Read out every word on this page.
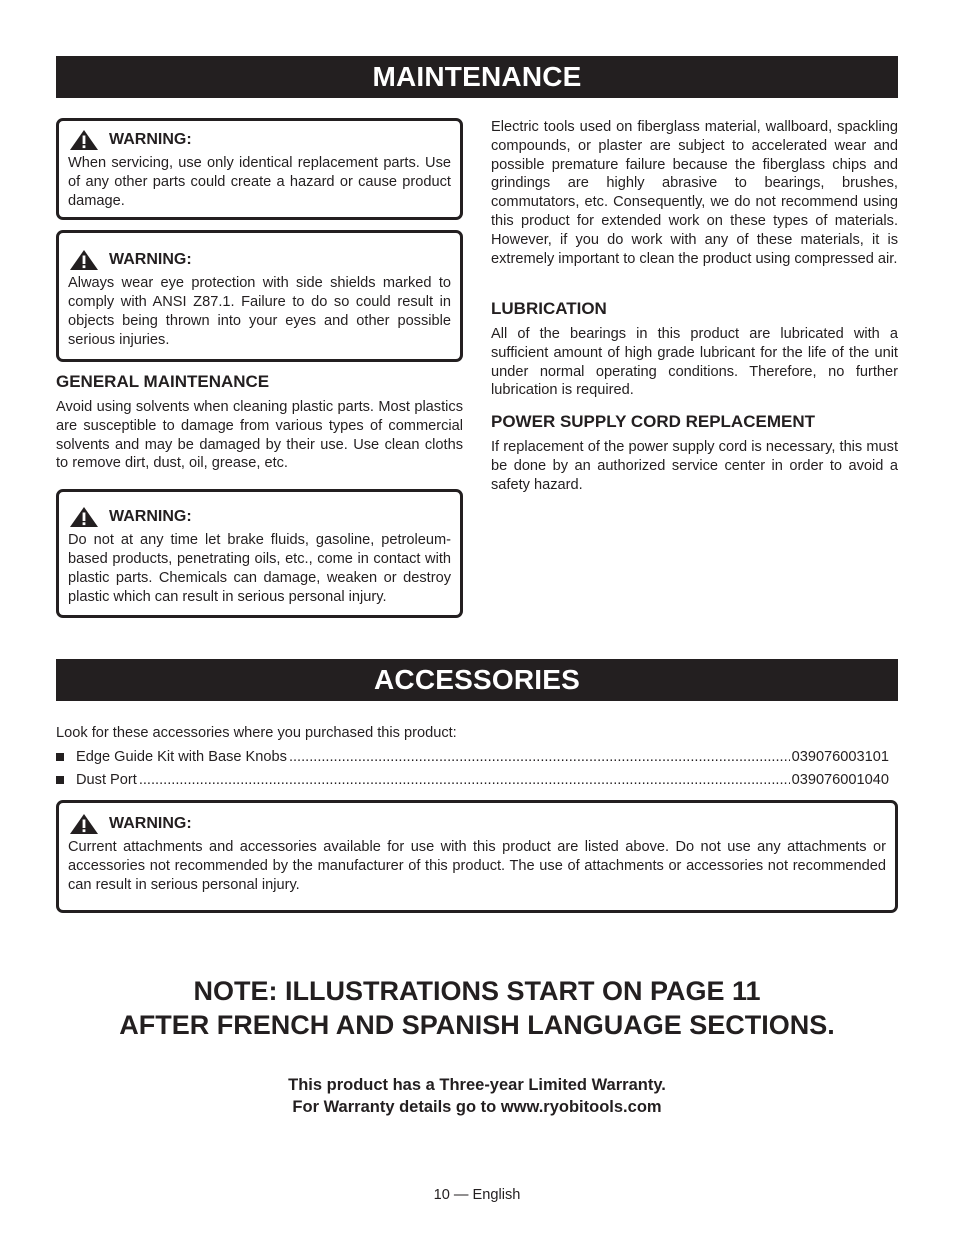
MAINTENANCE
WARNING:
When servicing, use only identical replacement parts. Use of any other parts could create a hazard or cause product damage.
WARNING:
Always wear eye protection with side shields marked to comply with ANSI Z87.1. Failure to do so could result in objects being thrown into your eyes and other possible serious injuries.
GENERAL MAINTENANCE
Avoid using solvents when cleaning plastic parts. Most plastics are susceptible to damage from various types of commercial solvents and may be damaged by their use. Use clean cloths to remove dirt, dust, oil, grease, etc.
WARNING:
Do not at any time let brake fluids, gasoline, petroleum-based products, penetrating oils, etc., come in contact with plastic parts. Chemicals can damage, weaken or destroy plastic which can result in serious personal injury.
Electric tools used on fiberglass material, wallboard, spackling compounds, or plaster are subject to accelerated wear and possible premature failure because the fiberglass chips and grindings are highly abrasive to bearings, brushes, commutators, etc. Consequently, we do not recommend using this product for extended work on these types of materials. However, if you do work with any of these materials, it is extremely important to clean the product using compressed air.
LUBRICATION
All of the bearings in this product are lubricated with a sufficient amount of high grade lubricant for the life of the unit under normal operating conditions. Therefore, no further lubrication is required.
POWER SUPPLY CORD REPLACEMENT
If replacement of the power supply cord is necessary, this must be done by an authorized service center in order to avoid a safety hazard.
ACCESSORIES
Look for these accessories where you purchased this product:
Edge Guide Kit with Base Knobs .....	039076003101
Dust Port .....	039076001040
WARNING:
Current attachments and accessories available for use with this product are listed above. Do not use any attachments or accessories not recommended by the manufacturer of this product. The use of attachments or accessories not recommended can result in serious personal injury.
NOTE: ILLUSTRATIONS START ON PAGE 11
AFTER FRENCH AND SPANISH LANGUAGE SECTIONS.
This product has a Three-year Limited Warranty.
For Warranty details go to www.ryobitools.com
10 — English
